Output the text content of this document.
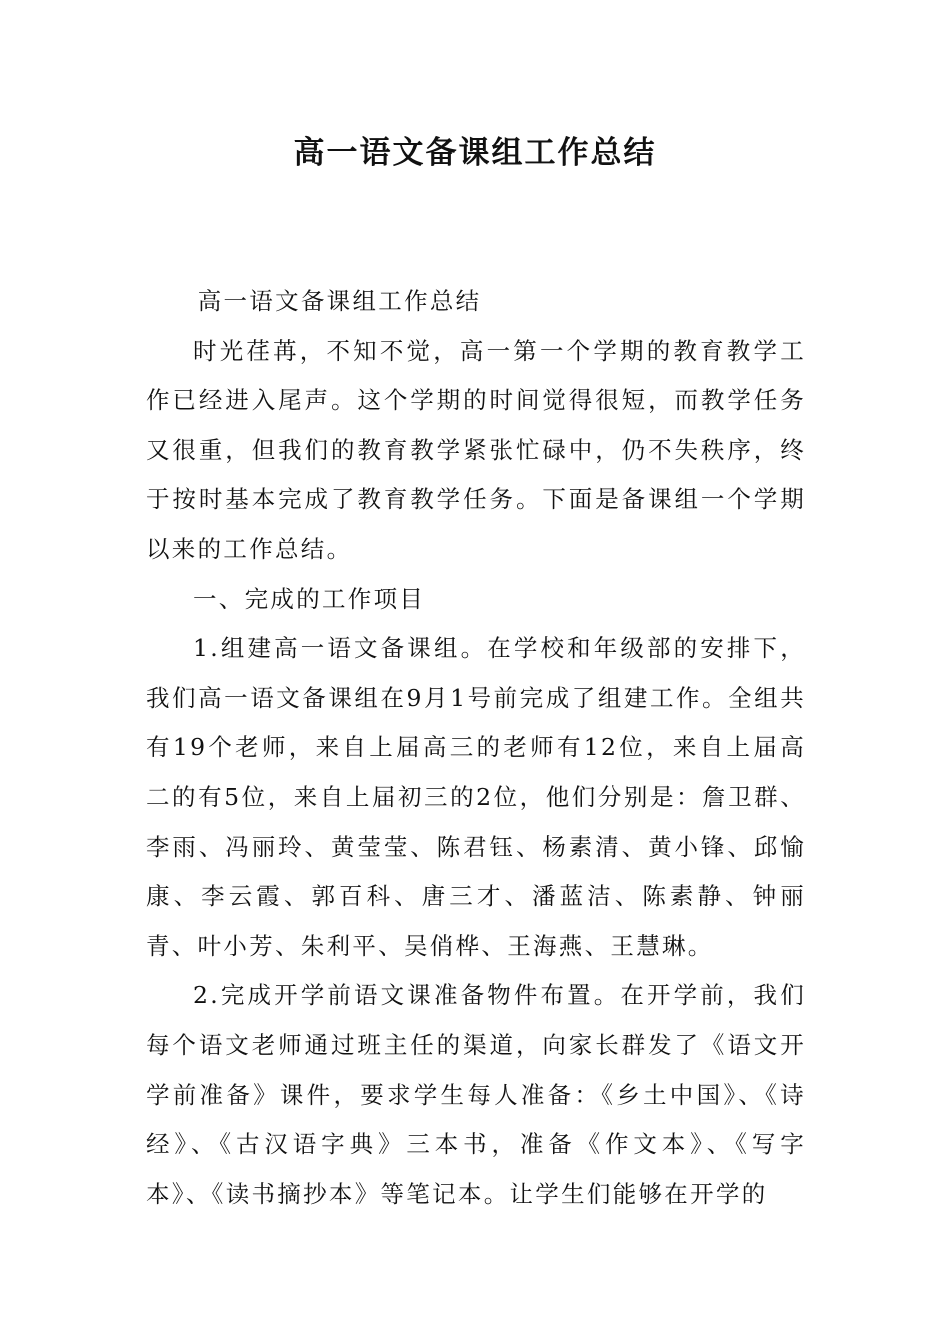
高一语文备课组工作总结

高一语文备课组工作总结

时光荏苒，不知不觉，高一第一个学期的教育教学工作已经进入尾声。这个学期的时间觉得很短，而教学任务又很重，但我们的教育教学紧张忙碌中，仍不失秩序，终于按时基本完成了教育教学任务。下面是备课组一个学期以来的工作总结。

一、完成的工作项目

1.组建高一语文备课组。在学校和年级部的安排下，我们高一语文备课组在9月1号前完成了组建工作。全组共有19个老师，来自上届高三的老师有12位，来自上届高二的有5位，来自上届初三的2位，他们分别是：詹卫群、李雨、冯丽玲、黄莹莹、陈君钰、杨素清、黄小锋、邱愉康、李云霞、郭百科、唐三才、潘蓝洁、陈素静、钟丽青、叶小芳、朱利平、吴俏桦、王海燕、王慧琳。

2.完成开学前语文课准备物件布置。在开学前，我们每个语文老师通过班主任的渠道，向家长群发了《语文开学前准备》课件，要求学生每人准备：《乡土中国》、《诗经》、《古汉语字典》三本书，准备《作文本》、《写字本》、《读书摘抄本》等笔记本。让学生们能够在开学的
